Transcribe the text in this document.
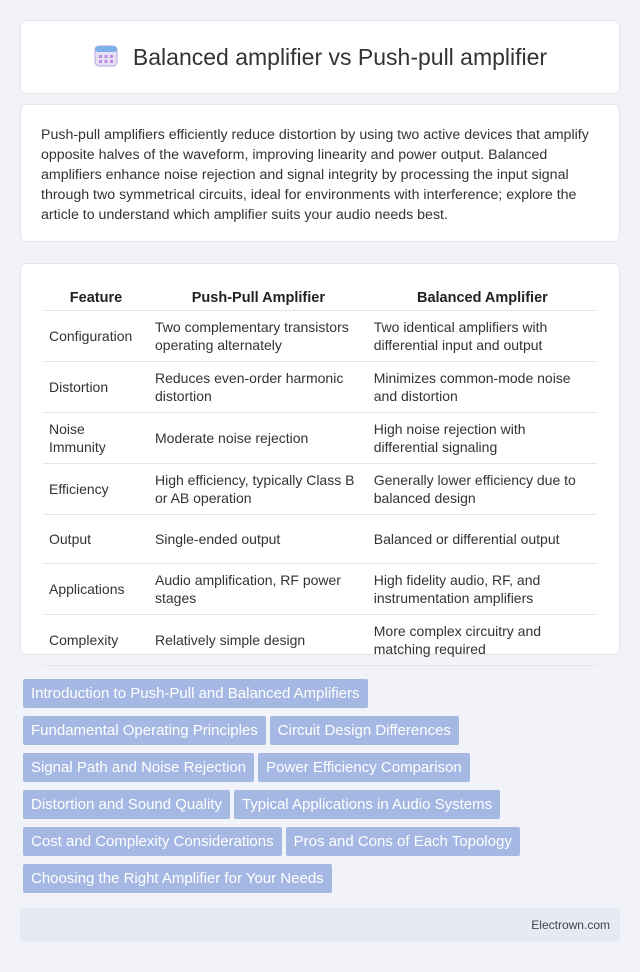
Balanced amplifier vs Push-pull amplifier

Push-pull amplifiers efficiently reduce distortion by using two active devices that amplify opposite halves of the waveform, improving linearity and power output. Balanced amplifiers enhance noise rejection and signal integrity by processing the input signal through two symmetrical circuits, ideal for environments with interference; explore the article to understand which amplifier suits your audio needs best.

Feature	Push-Pull Amplifier	Balanced Amplifier
Configuration	Two complementary transistors operating alternately	Two identical amplifiers with differential input and output
Distortion	Reduces even-order harmonic distortion	Minimizes common-mode noise and distortion
Noise Immunity	Moderate noise rejection	High noise rejection with differential signaling
Efficiency	High efficiency, typically Class B or AB operation	Generally lower efficiency due to balanced design
Output	Single-ended output	Balanced or differential output
Applications	Audio amplification, RF power stages	High fidelity audio, RF, and instrumentation amplifiers
Complexity	Relatively simple design	More complex circuitry and matching required
Introduction to Push-Pull and Balanced AmplifiersFundamental Operating Principles Circuit Design DifferencesSignal Path and Noise Rejection Power Efficiency ComparisonDistortion and Sound Quality Typical Applications in Audio SystemsCost and Complexity Considerations Pros and Cons of Each TopologyChoosing the Right Amplifier for Your Needs
Electrown.com
